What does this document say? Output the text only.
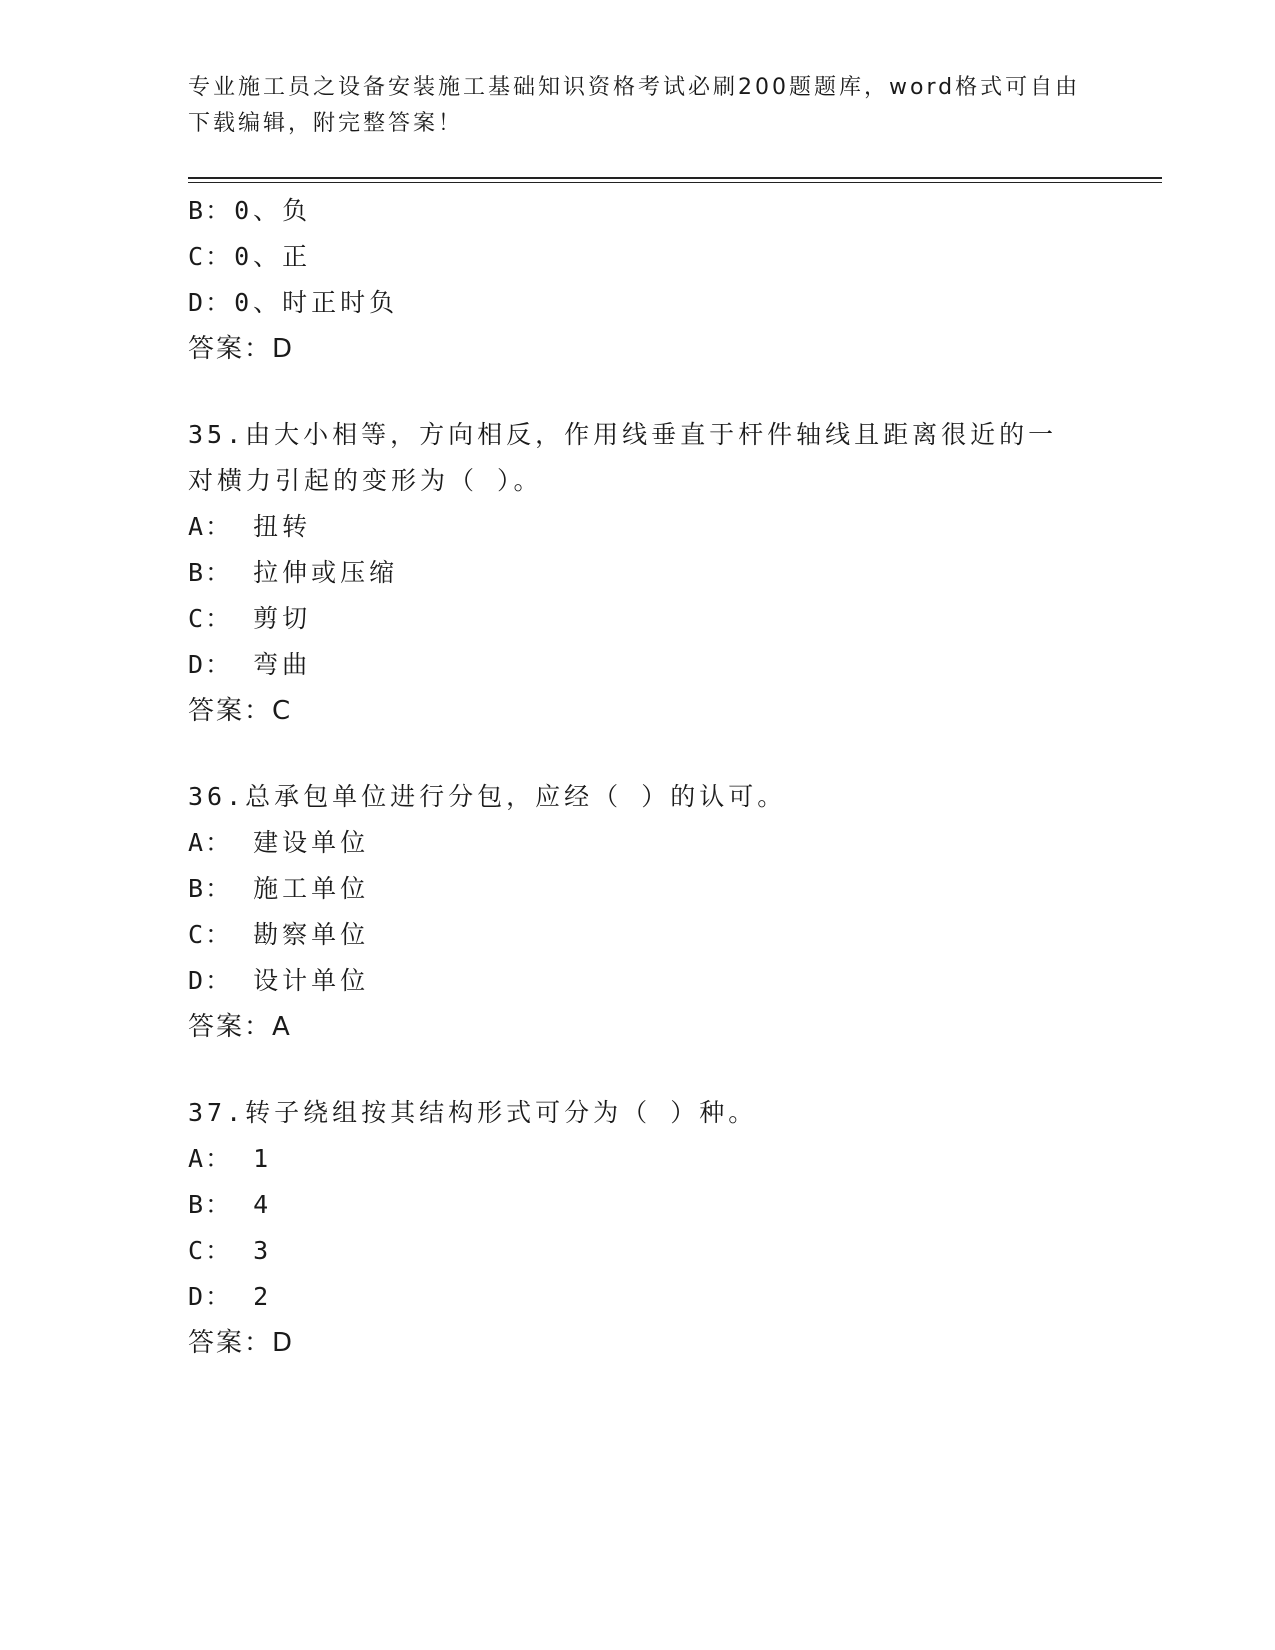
专业施工员之设备安装施工基础知识资格考试必刷200题题库，word格式可自由下载编辑，附完整答案！
B：0、负
C：0、正
D：0、时正时负
答案：D
35.由大小相等，方向相反，作用线垂直于杆件轴线且距离很近的一对横力引起的变形为（ ）。
A： 扭转
B： 拉伸或压缩
C： 剪切
D： 弯曲
答案：C
36.总承包单位进行分包，应经（ ）的认可。
A： 建设单位
B： 施工单位
C： 勘察单位
D： 设计单位
答案：A
37.转子绕组按其结构形式可分为（ ）种。
A： 1
B： 4
C： 3
D： 2
答案：D
